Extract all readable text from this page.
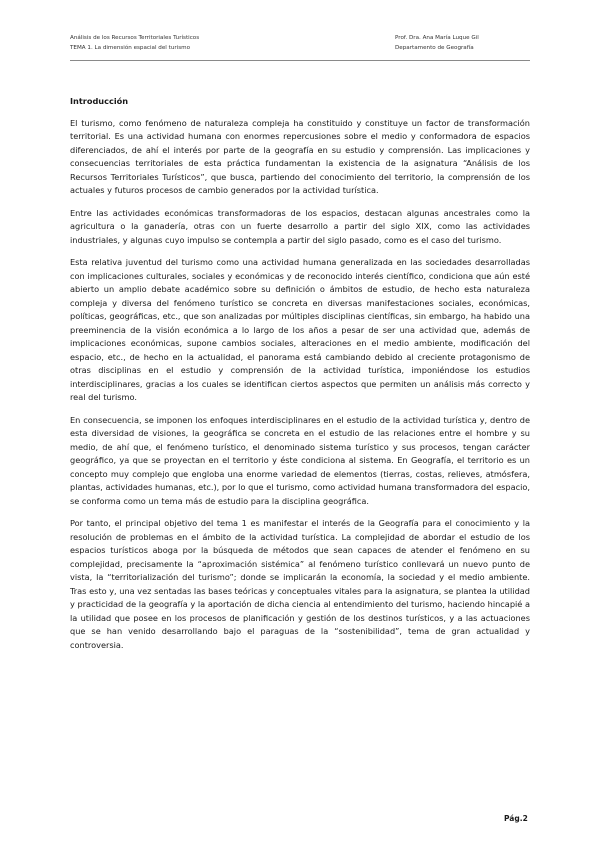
Análisis de los Recursos Territoriales Turísticos
TEMA 1. La dimensión espacial del turismo
Prof. Dra. Ana María Luque Gil
Departamento de Geografía
Introducción

El turismo, como fenómeno de naturaleza compleja ha constituido y constituye un factor de transformación territorial. Es una actividad humana con enormes repercusiones sobre el medio y conformadora de espacios diferenciados, de ahí el interés por parte de la geografía en su estudio y comprensión. Las implicaciones y consecuencias territoriales de esta práctica fundamentan la existencia de la asignatura “Análisis de los Recursos Territoriales Turísticos”, que busca, partiendo del conocimiento del territorio, la comprensión de los actuales y futuros procesos de cambio generados por la actividad turística.

Entre las actividades económicas transformadoras de los espacios, destacan algunas ancestrales como la agricultura o la ganadería, otras con un fuerte desarrollo a partir del siglo XIX, como las actividades industriales, y algunas cuyo impulso se contempla a partir del siglo pasado, como es el caso del turismo.

Esta relativa juventud del turismo como una actividad humana generalizada en las sociedades desarrolladas con implicaciones culturales, sociales y económicas y de reconocido interés científico, condiciona que aún esté abierto un amplio debate académico sobre su definición o ámbitos de estudio, de hecho esta naturaleza compleja y diversa del fenómeno turístico se concreta en diversas manifestaciones sociales, económicas, políticas, geográficas, etc., que son analizadas por múltiples disciplinas científicas, sin embargo, ha habido una preeminencia de la visión económica a lo largo de los años a pesar de ser una actividad que, además de implicaciones económicas, supone cambios sociales, alteraciones en el medio ambiente, modificación del espacio, etc., de hecho en la actualidad, el panorama está cambiando debido al creciente protagonismo de otras disciplinas en el estudio y comprensión de la actividad turística, imponiéndose los estudios interdisciplinares, gracias a los cuales se identifican ciertos aspectos que permiten un análisis más correcto y real del turismo.

En consecuencia, se imponen los enfoques interdisciplinares en el estudio de la actividad turística y, dentro de esta diversidad de visiones, la geográfica se concreta en el estudio de las relaciones entre el hombre y su medio, de ahí que, el fenómeno turístico, el denominado sistema turístico y sus procesos, tengan carácter geográfico, ya que se proyectan en el territorio y éste condiciona al sistema. En Geografía, el territorio es un concepto muy complejo que engloba una enorme variedad de elementos (tierras, costas, relieves, atmósfera, plantas, actividades humanas, etc.), por lo que el turismo, como actividad humana transformadora del espacio, se conforma como un tema más de estudio para la disciplina geográfica.

Por tanto, el principal objetivo del tema 1 es manifestar el interés de la Geografía para el conocimiento y la resolución de problemas en el ámbito de la actividad turística. La complejidad de abordar el estudio de los espacios turísticos aboga por la búsqueda de métodos que sean capaces de atender el fenómeno en su complejidad, precisamente la “aproximación sistémica” al fenómeno turístico conllevará un nuevo punto de vista, la “territorialización del turismo”; donde se implicarán la economía, la sociedad y el medio ambiente. Tras esto y, una vez sentadas las bases teóricas y conceptuales vitales para la asignatura, se plantea la utilidad y practicidad de la geografía y la aportación de dicha ciencia al entendimiento del turismo, haciendo hincapié a la utilidad que posee en los procesos de planificación y gestión de los destinos turísticos, y a las actuaciones que se han venido desarrollando bajo el paraguas de la “sostenibilidad”, tema de gran actualidad y controversia.

Pág.2
